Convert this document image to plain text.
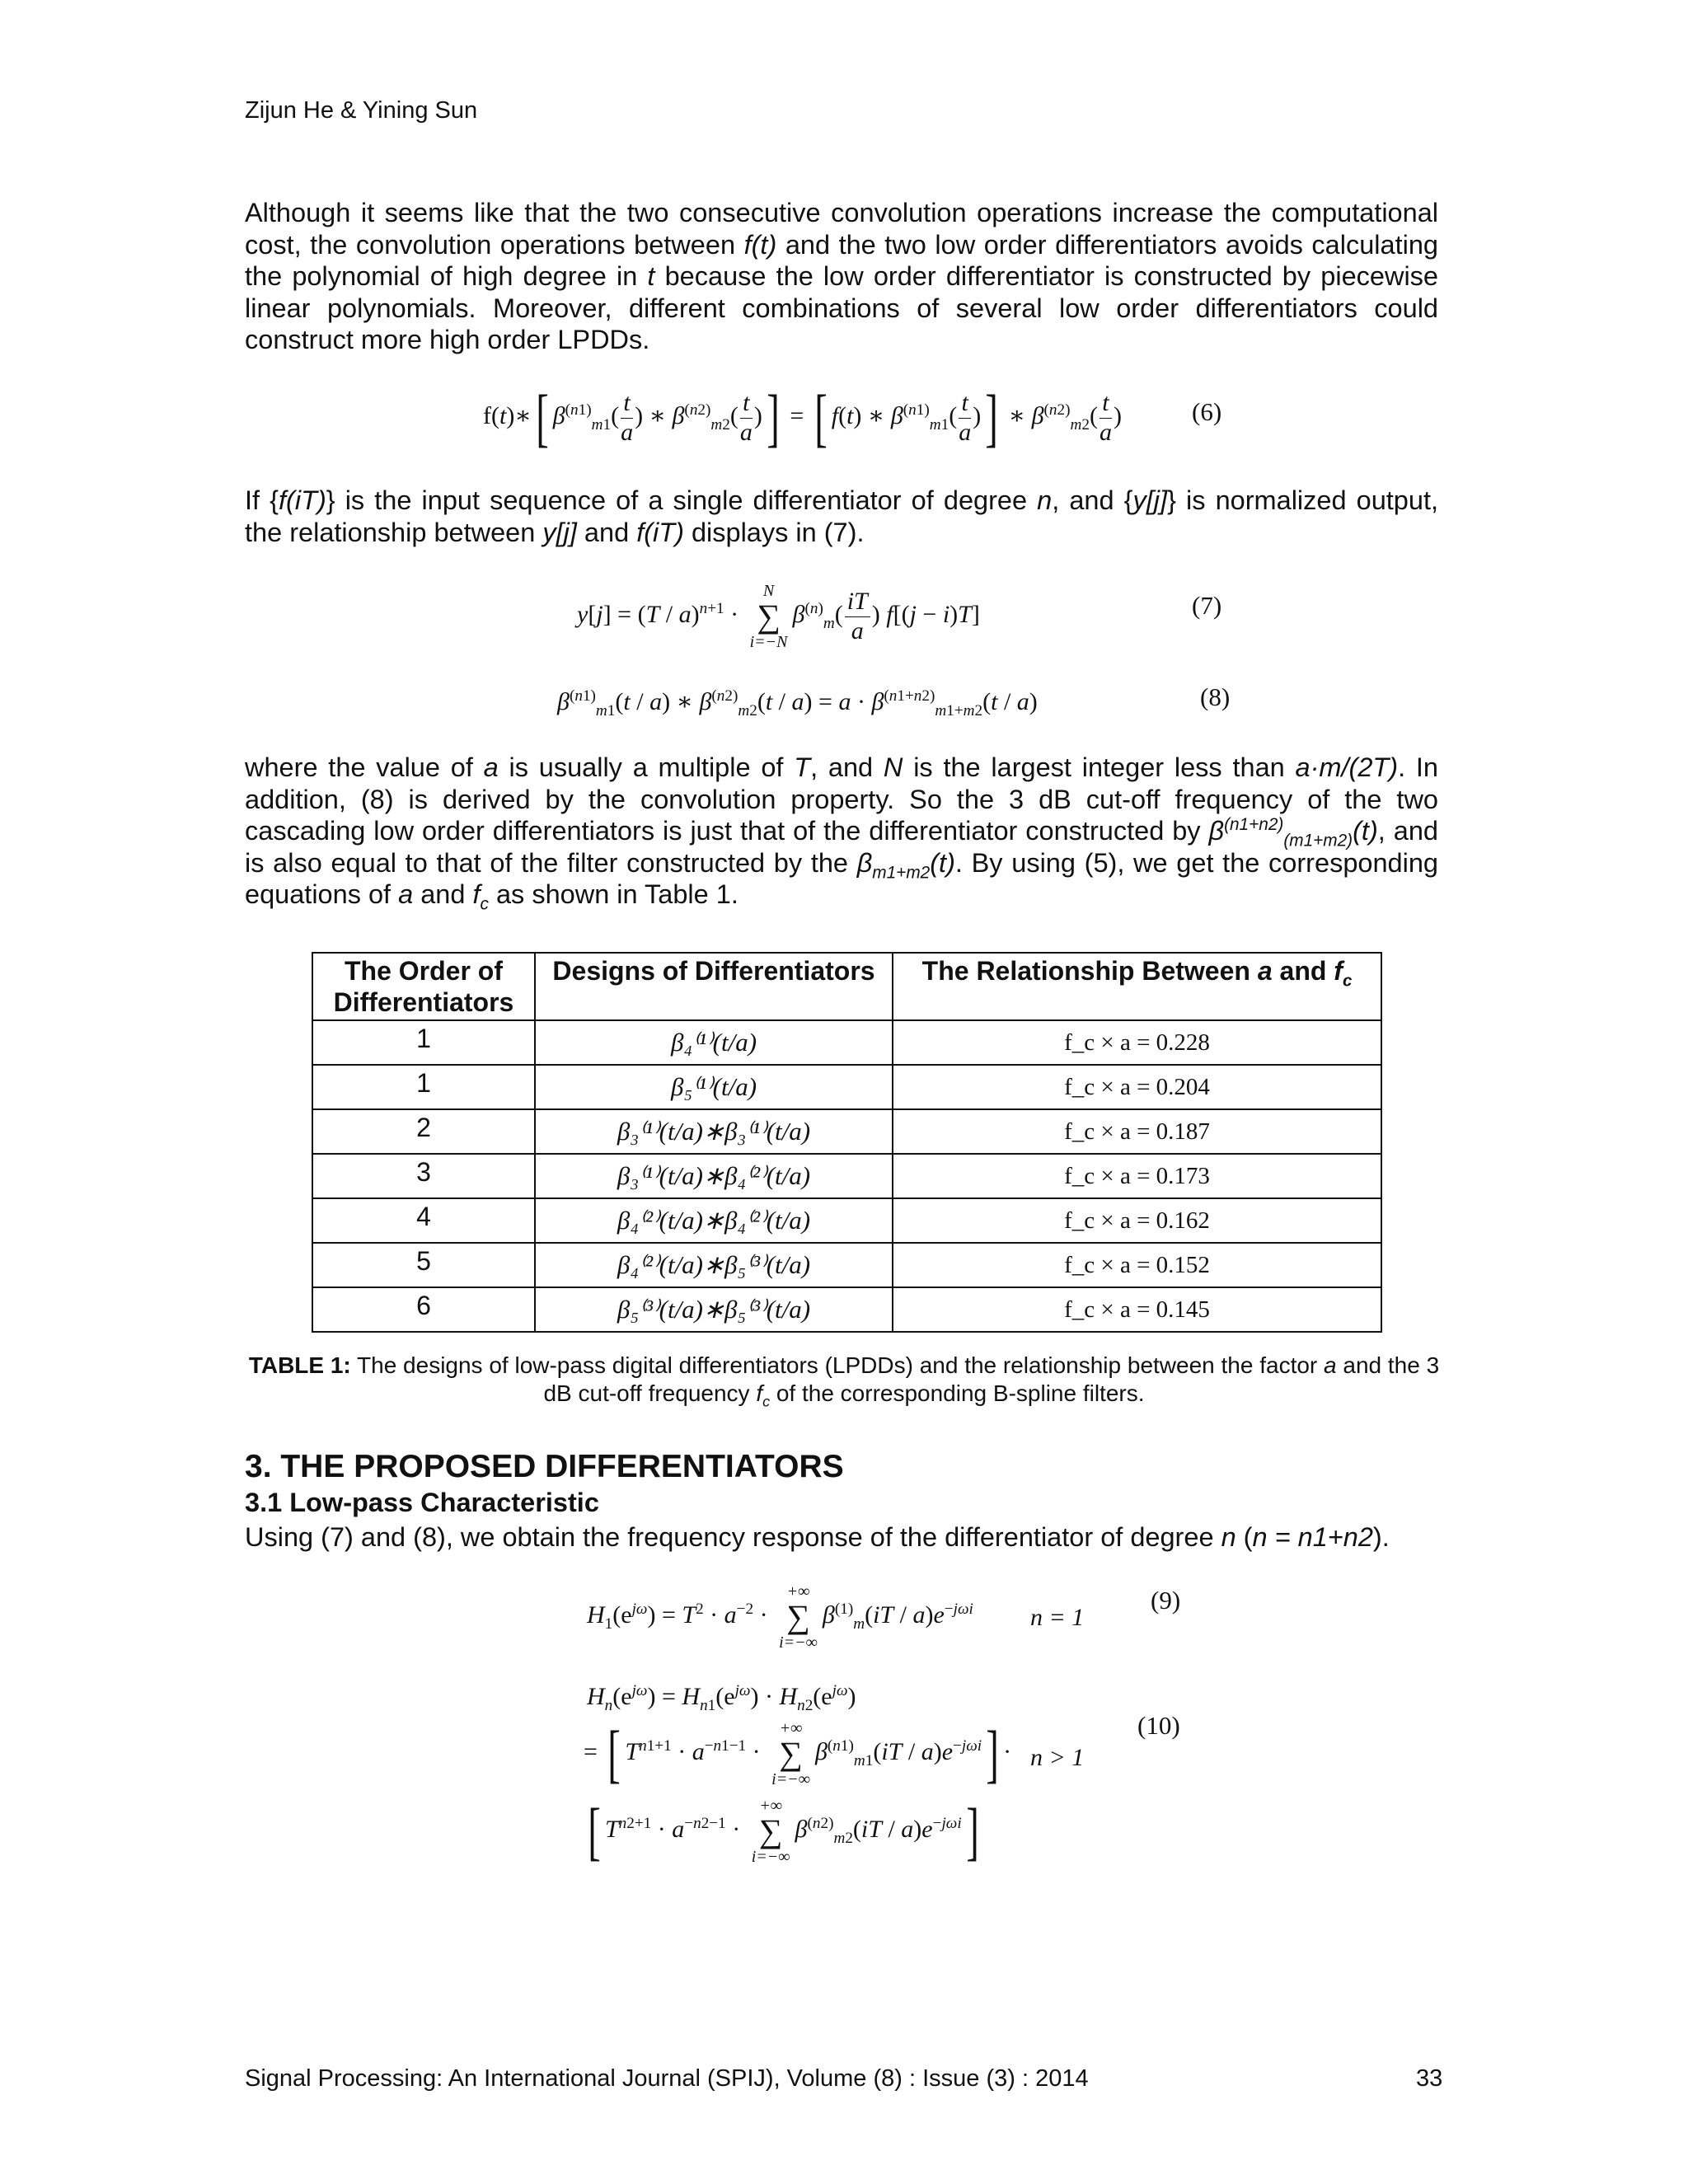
Zijun He & Yining Sun
Although it seems like that the two consecutive convolution operations increase the computational cost, the convolution operations between f(t) and the two low order differentiators avoids calculating the polynomial of high degree in t because the low order differentiator is constructed by piecewise linear polynomials. Moreover, different combinations of several low order differentiators could construct more high order LPDDs.
f(t)∗[ $\beta^{(n1)}_{m1}( \frac{t}{a}$ ) ∗ $\beta^{(n2)}_{m2}( \frac{t}{a}$ )] = [ f(t) ∗ $\beta^{(n1)}_{m1}( \frac{t}{a}$ )] ∗ $\beta^{(n2)}_{m2}( \frac{t}{a}$ )	(6)
If {f(iT)} is the input sequence of a single differentiator of degree n, and {y[j]} is normalized output, the relationship between y[j] and f(iT) displays in (7).
y[j] = (T / a)$^{n+1}$ ·
N
∑
i=−N
$\beta^{(n)}_m( \frac{iT}{a}$ ) f[(j − i)T]	(7)
$\beta^{(n1)}_{m1}(t / a)$ ∗ $\beta^{(n2)}_{m2}(t / a) = a \cdot \beta^{(n1+n2)}_{m1+m2}(t / a)$	(8)
where the value of a is usually a multiple of T, and N is the largest integer less than a·m/(2T). In addition, (8) is derived by the convolution property. So the 3 dB cut-off frequency of the two cascading low order differentiators is just that of the differentiator constructed by $\beta^{(n1+n2)}_{(m1+m2)}(t)$, and is also equal to that of the filter constructed by the $\beta_{m1+m2}(t)$. By using (5), we get the corresponding equations of a and $f_c$ as shown in Table 1.
The Order of
Differentiators	Designs of Differentiators	The Relationship Between a and $f_c$
1	β₄⁽¹⁾(t/a)	f_c × a = 0.228
1	β₅⁽¹⁾(t/a)	f_c × a = 0.204
2	β₃⁽¹⁾(t/a)∗β₃⁽¹⁾(t/a)	f_c × a = 0.187
3	β₃⁽¹⁾(t/a)∗β₄⁽²⁾(t/a)	f_c × a = 0.173
4	β₄⁽²⁾(t/a)∗β₄⁽²⁾(t/a)	f_c × a = 0.162
5	β₄⁽²⁾(t/a)∗β₅⁽³⁾(t/a)	f_c × a = 0.152
6	β₅⁽³⁾(t/a)∗β₅⁽³⁾(t/a)	f_c × a = 0.145
TABLE 1: The designs of low-pass digital differentiators (LPDDs) and the relationship between the factor a and the 3 dB cut-off frequency $f_c$ of the corresponding B-spline filters.
3. THE PROPOSED DIFFERENTIATORS
3.1 Low-pass Characteristic
Using (7) and (8), we obtain the frequency response of the differentiator of degree n (n = n1+n2).
$H_1(e^{j\omega}) = T^2 \cdot a^{-2}$ ·
+∞
∑
i=−∞
$\beta^{(1)}_m(iT / a)e^{-j\omega i}$ n = 1
(9)
$H_n(e^{j\omega}) = H_{n1}(e^{j\omega}) \cdot H_{n2}(e^{j\omega})$
= [ $T^{n1+1} \cdot a^{-n1-1}$ ·
+∞
∑
i=−∞
$\beta^{(n1)}_{m1}(iT / a)e^{-j\omega i}] \cdot n > 1$
(10)
[ $T^{n2+1} \cdot a^{-n2-1}$ ·
+∞
∑
i=−∞
$\beta^{(n2)}_{m2}(iT / a)e^{-j\omega i}$]
Signal Processing: An International Journal (SPIJ), Volume (8) : Issue (3) : 2014	33
